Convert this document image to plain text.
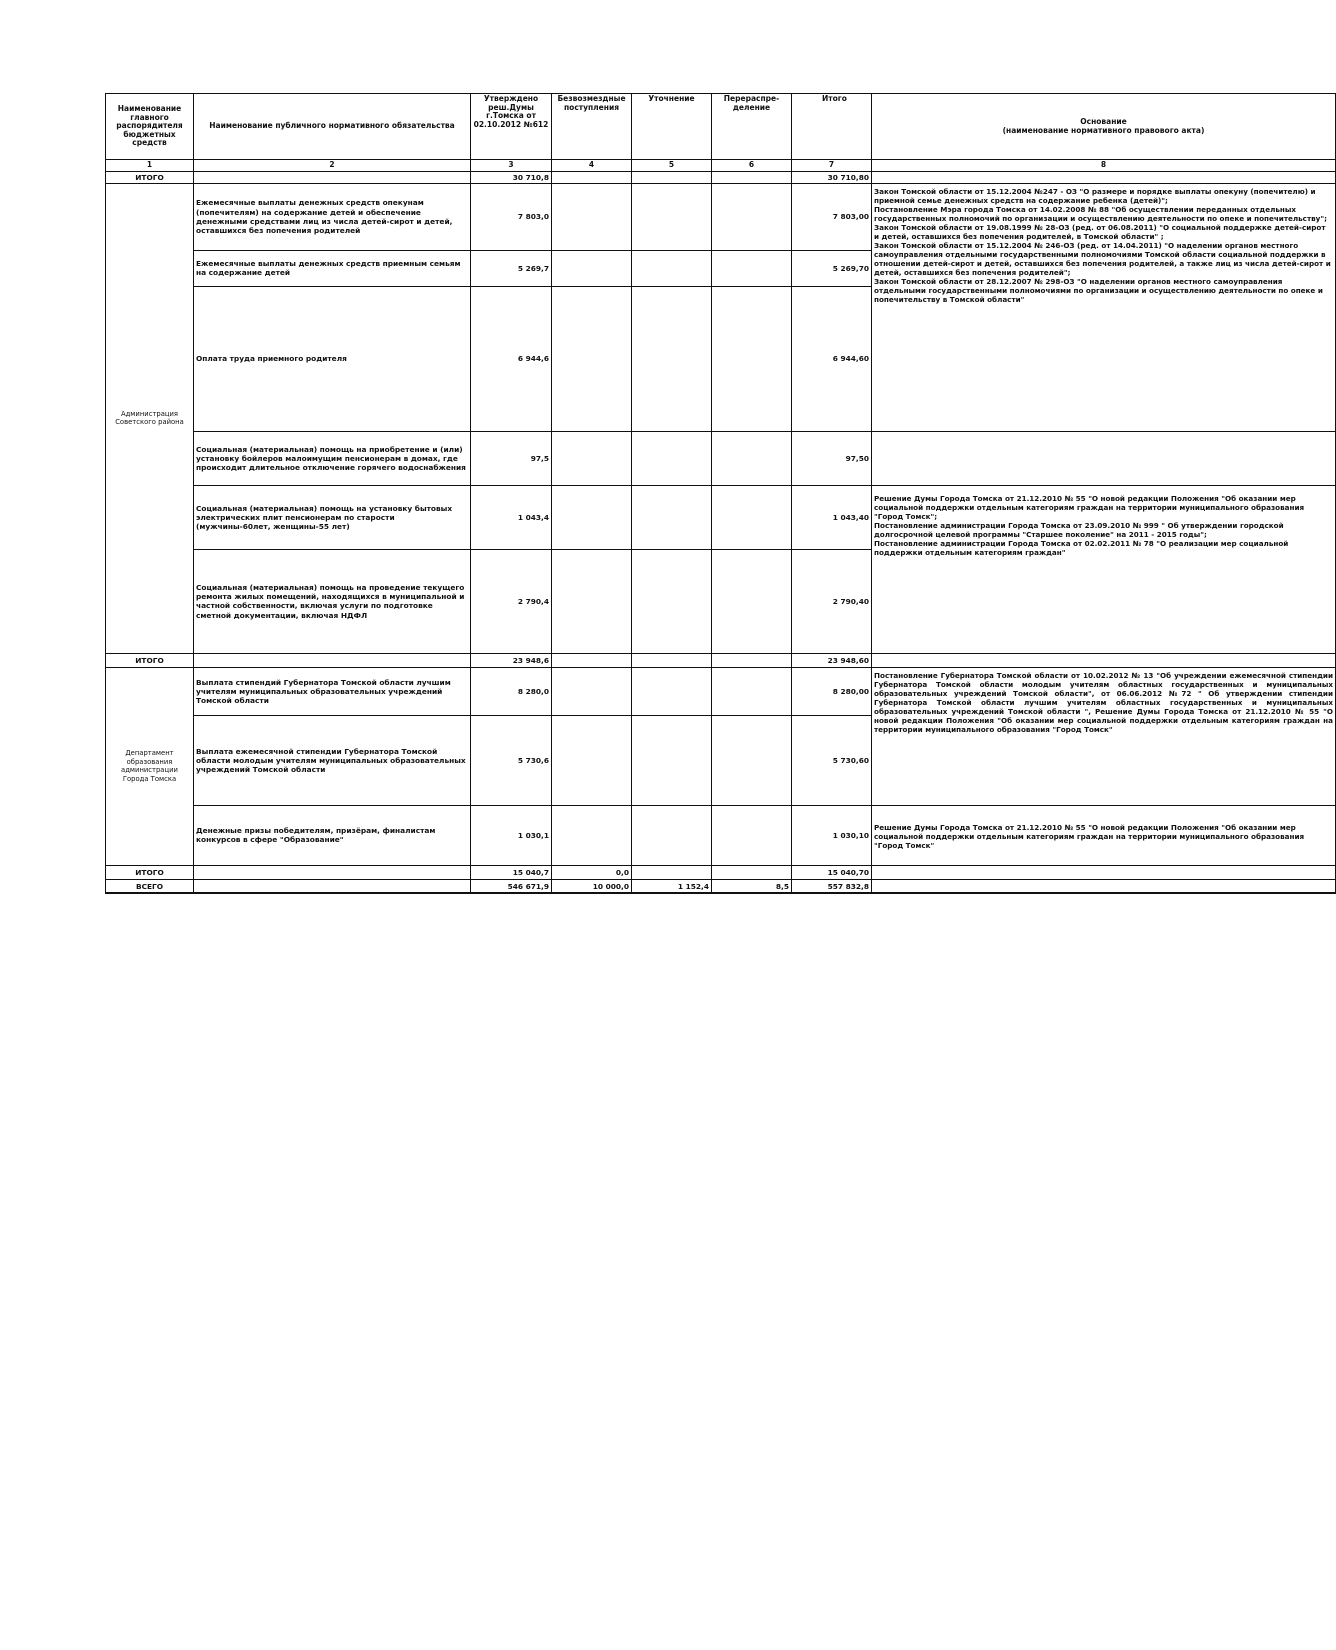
Наименование главного распорядителя бюджетных средств	Наименование публичного нормативного обязательства	Утверждено реш.Думы г.Томска от 02.10.2012 №612	Безвозмездные поступления	Уточнение	Перераспре-деление	Итого	Основание
(наименование нормативного правового акта)

1	2	3	4	5	6	7	8
ИТОГО		30 710,8				30 710,80	
Администрация Советского района	Ежемесячные выплаты денежных средств опекунам (попечителям) на содержание детей и обеспечение денежными средствами лиц из числа детей-сирот и детей, оставшихся без попечения родителей	7 803,0				7 803,00	Закон Томской области от 15.12.2004 №247 - ОЗ "О размере и порядке выплаты опекуну (попечителю) и приемной семье денежных средств на содержание ребенка (детей)";

Постановление Мэра города Томска от 14.02.2008 № 88 "Об осуществлении переданных отдельных государственных полномочий по организации и осуществлению деятельности по опеке и попечительству";

Закон Томской области от 19.08.1999 № 28-ОЗ (ред. от 06.08.2011) "О социальной поддержке детей-сирот и детей, оставшихся без попечения родителей, в Томской области" ;

Закон Томской области от 15.12.2004 № 246-ОЗ (ред. от 14.04.2011) "О наделении органов местного самоуправления отдельными государственными полномочиями Томской области социальной поддержки в отношении детей-сирот и детей, оставшихся без попечения родителей, а также лиц из числа детей-сирот и детей, оставшихся без попечения родителей";

Закон Томской области от 28.12.2007 № 298-ОЗ "О наделении органов местного самоуправления отдельными государственными полномочиями по организации и осуществлению деятельности по опеке и попечительству в Томской области"

	Ежемесячные выплаты денежных средств приемным семьям на содержание детей	5 269,7				5 269,70	
	Оплата труда приемного родителя	6 944,6				6 944,60	
	Социальная (материальная) помощь на приобретение и (или) установку бойлеров малоимущим пенсионерам в домах, где происходит длительное отключение горячего водоснабжения	97,5				97,50	
	Социальная (материальная) помощь на установку бытовых электрических плит пенсионерам по старости (мужчины-60лет, женщины-55 лет)	1 043,4				1 043,40	Решение Думы Города Томска от 21.12.2010 № 55 "О новой редакции Положения "Об оказании мер социальной поддержки отдельным категориям граждан на территории муниципального образования "Город Томск";

Постановление администрации Города Томска от 23.09.2010 № 999 " Об утверждении городской долгосрочной целевой программы "Старшее поколение" на 2011 - 2015 годы";

Постановление администрации Города Томска от 02.02.2011 № 78 "О реализации мер социальной поддержки отдельным категориям граждан"

	Социальная (материальная) помощь на проведение текущего ремонта жилых помещений, находящихся в муниципальной и частной собственности, включая услуги по подготовке сметной документации, включая НДФЛ	2 790,4				2 790,40	
ИТОГО		23 948,6				23 948,60	
Департамент образования администрации Города Томска	Выплата стипендий Губернатора Томской области лучшим учителям муниципальных образовательных учреждений Томской области	8 280,0				8 280,00	Постановление Губернатора Томской области от 10.02.2012 № 13 "Об учреждении ежемесячной стипендии Губернатора Томской области молодым учителям областных государственных и муниципальных образовательных учреждений Томской области", от 06.06.2012 №72 " Об утверждении стипендии Губернатора Томской области лучшим учителям областных государственных и муниципальных образовательных учреждений Томской области ", Решение Думы Города Томска от 21.12.2010 № 55 "О новой редакции Положения "Об оказании мер социальной поддержки отдельным категориям граждан на территории муниципального образования "Город Томск"

	Выплата ежемесячной стипендии Губернатора Томской области молодым учителям муниципальных образовательных учреждений Томской области	5 730,6				5 730,60	
	Денежные призы победителям, призёрам, финалистам конкурсов в сфере "Образование"	1 030,1				1 030,10	Решение Думы Города Томска от 21.12.2010 № 55 "О новой редакции Положения "Об оказании мер социальной поддержки отдельным категориям граждан на территории муниципального образования "Город Томск"

ИТОГО		15 040,7	0,0			15 040,70	
ВСЕГО		546 671,9	10 000,0	1 152,4	8,5	557 832,8	
